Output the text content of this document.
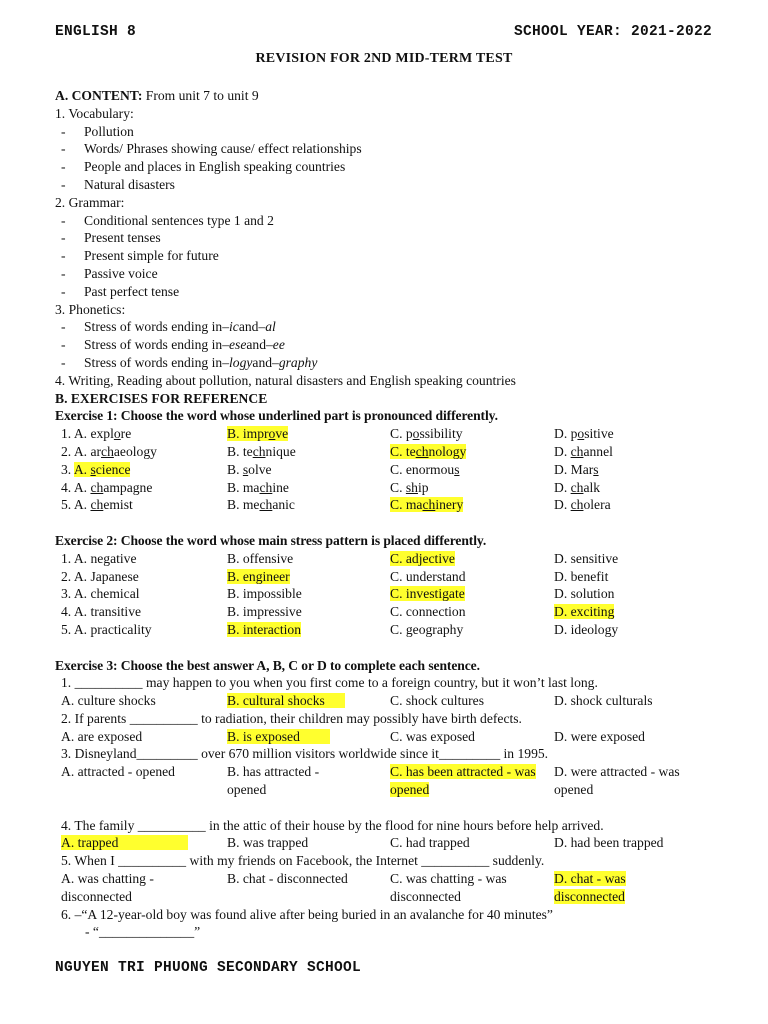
ENGLISH 8	SCHOOL YEAR: 2021-2022
REVISION FOR 2ND MID-TERM TEST
A. CONTENT: From unit 7 to unit 9
1. Vocabulary:
-	Pollution
-	Words/ Phrases showing cause/ effect relationships
-	People and places in English speaking countries
-	Natural disasters
2. Grammar:
-	Conditional sentences type 1 and 2
-	Present tenses
-	Present simple for future
-	Passive voice
-	Past perfect tense
3. Phonetics:
-	Stress of words ending in –ic and –al
-	Stress of words ending in –ese and –ee
-	Stress of words ending in –logy and –graphy
4. Writing, Reading about pollution, natural disasters and English speaking countries
B. EXERCISES FOR REFERENCE
Exercise 1: Choose the word whose underlined part is pronounced differently.
1. A. explore	B. improve	C. possibility	D. positive
2. A. archaeology	B. technique	C. technology	D. channel
3. A. science	B. solve	C. enormous	D. Mars
4. A. champagne	B. machine	C. ship	D. chalk
5. A. chemist	B. mechanic	C. machinery	D. cholera
Exercise 2: Choose the word whose main stress pattern is placed differently.
1. A. negative	B. offensive	C. adjective	D. sensitive
2. A. Japanese	B. engineer	C. understand	D. benefit
3. A. chemical	B. impossible	C. investigate	D. solution
4. A. transitive	B. impressive	C. connection	D. exciting
5. A. practicality	B. interaction	C. geography	D. ideology
Exercise 3: Choose the best answer A, B, C or D to complete each sentence.
1. __________ may happen to you when you first come to a foreign country, but it won’t last long.
A. culture shocks	B. cultural shocks	C. shock cultures	D. shock culturals
2. If parents __________ to radiation, their children may possibly have birth defects.
A. are exposed	B. is exposed	C. was exposed	D. were exposed
3. Disneyland_________ over 670 million visitors worldwide since it_________ in 1995.
A. attracted - opened	B. has attracted - opened
C. has been attracted - was opened
D. were attracted - was opened
4. The family __________ in the attic of their house by the flood for nine hours before help arrived.
A. trapped	B. was trapped	C. had trapped	D. had been trapped
5. When I __________ with my friends on Facebook, the Internet __________ suddenly.
A. was chatting - disconnected
B. chat - disconnected	C. was chatting - was disconnected
D. chat - was disconnected
6. –“A 12-year-old boy was found alive after being buried in an avalanche for 40 minutes”
- “______________”
NGUYEN TRI PHUONG SECONDARY SCHOOL
